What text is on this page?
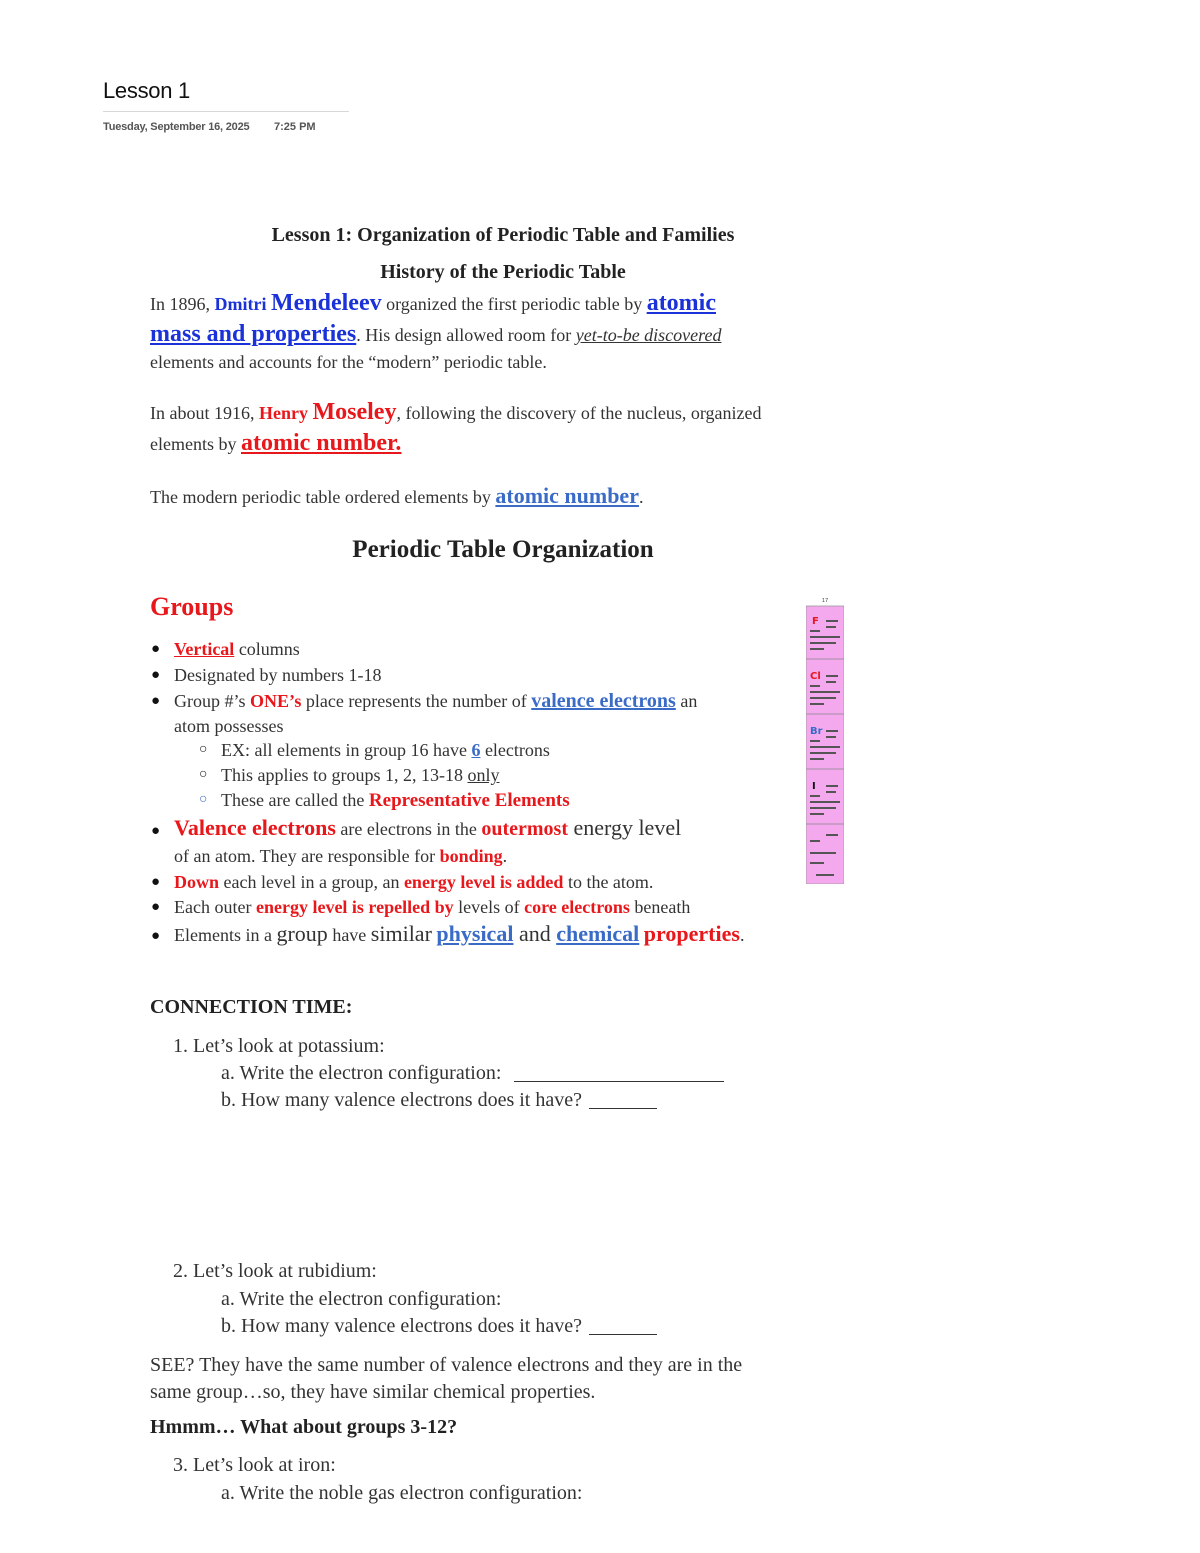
Lesson 1
Tuesday, September 16, 2025 7:25 PM
Lesson 1: Organization of Periodic Table and Families
History of the Periodic Table
In 1896, Dmitri Mendeleev organized the first periodic table by atomic
mass and properties. His design allowed room for yet-to-be discovered
elements and accounts for the “modern” periodic table.
In about 1916, Henry Moseley, following the discovery of the nucleus, organized
elements by atomic number.
The modern periodic table ordered elements by atomic number.
Periodic Table Organization
Groups
● Vertical columns
● Designated by numbers 1-18
● Group #’s ONE’s place represents the number of valence electrons an
atom possesses
○ EX: all elements in group 16 have 6 electrons
○ This applies to groups 1, 2, 13-18 only
○ These are called the Representative Elements
● Valence electrons are electrons in the outermost energy level
of an atom. They are responsible for bonding.
● Down each level in a group, an energy level is added to the atom.
● Each outer energy level is repelled by levels of core electrons beneath
● Elements in a group have similar physical and chemical properties.
17
F
Cl
Br
I
CONNECTION TIME:
1. Let’s look at potassium:
a. Write the electron configuration:
b. How many valence electrons does it have?
2. Let’s look at rubidium:
a. Write the electron configuration:
b. How many valence electrons does it have?
SEE? They have the same number of valence electrons and they are in the
same group…so, they have similar chemical properties.
Hmmm… What about groups 3-12?
3. Let’s look at iron:
a. Write the noble gas electron configuration:
